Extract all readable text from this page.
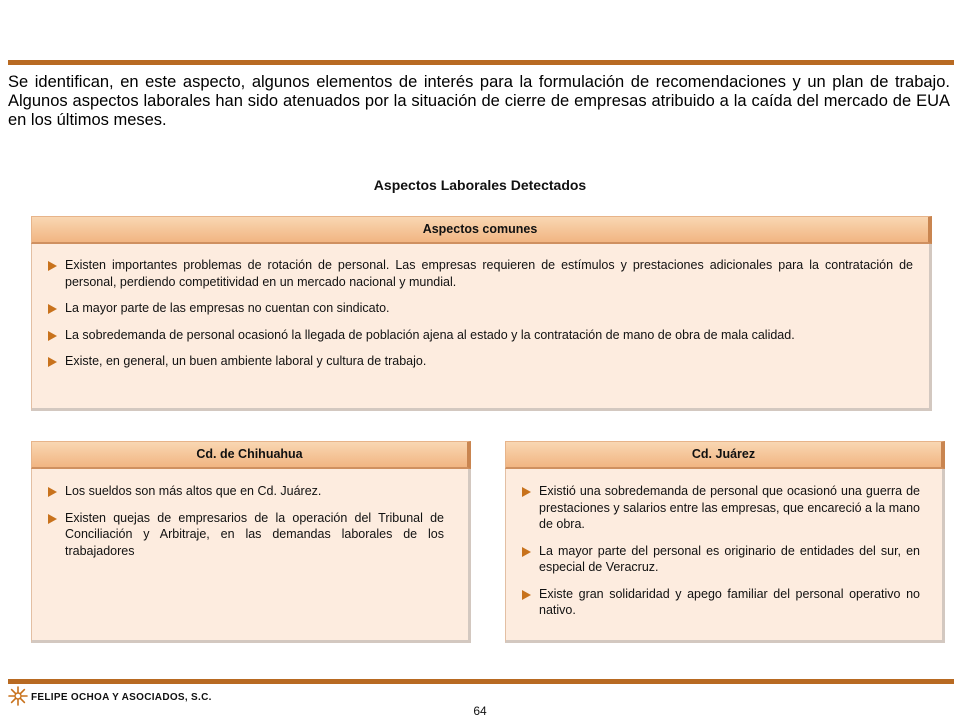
Se identifican, en este aspecto, algunos elementos de interés para la formulación de recomendaciones y un plan de trabajo. Algunos aspectos laborales han sido atenuados por la situación de cierre de empresas atribuido a la caída del mercado de EUA en los últimos meses.

Aspectos Laborales Detectados
Aspectos comunes
Existen importantes problemas de rotación de personal. Las empresas requieren de estímulos y prestaciones adicionales para la contratación de personal, perdiendo competitividad en un mercado nacional y mundial.
La mayor parte de las empresas no cuentan con sindicato.
La sobredemanda de personal ocasionó la llegada de población ajena al estado y la contratación de mano de obra de mala calidad.
Existe, en general, un buen ambiente laboral y cultura de trabajo.
Cd. de Chihuahua
Los sueldos son más altos que en Cd. Juárez.
Existen quejas de empresarios de la operación del Tribunal de Conciliación y Arbitraje, en las demandas laborales de los trabajadores
Cd. Juárez
Existió una sobredemanda de personal que ocasionó una guerra de prestaciones y salarios entre las empresas, que encareció a la mano de obra.
La mayor parte del personal es originario de entidades del sur, en especial de Veracruz.
Existe gran solidaridad y apego familiar del personal operativo no nativo.
FELIPE OCHOA Y ASOCIADOS, S.C.
64
